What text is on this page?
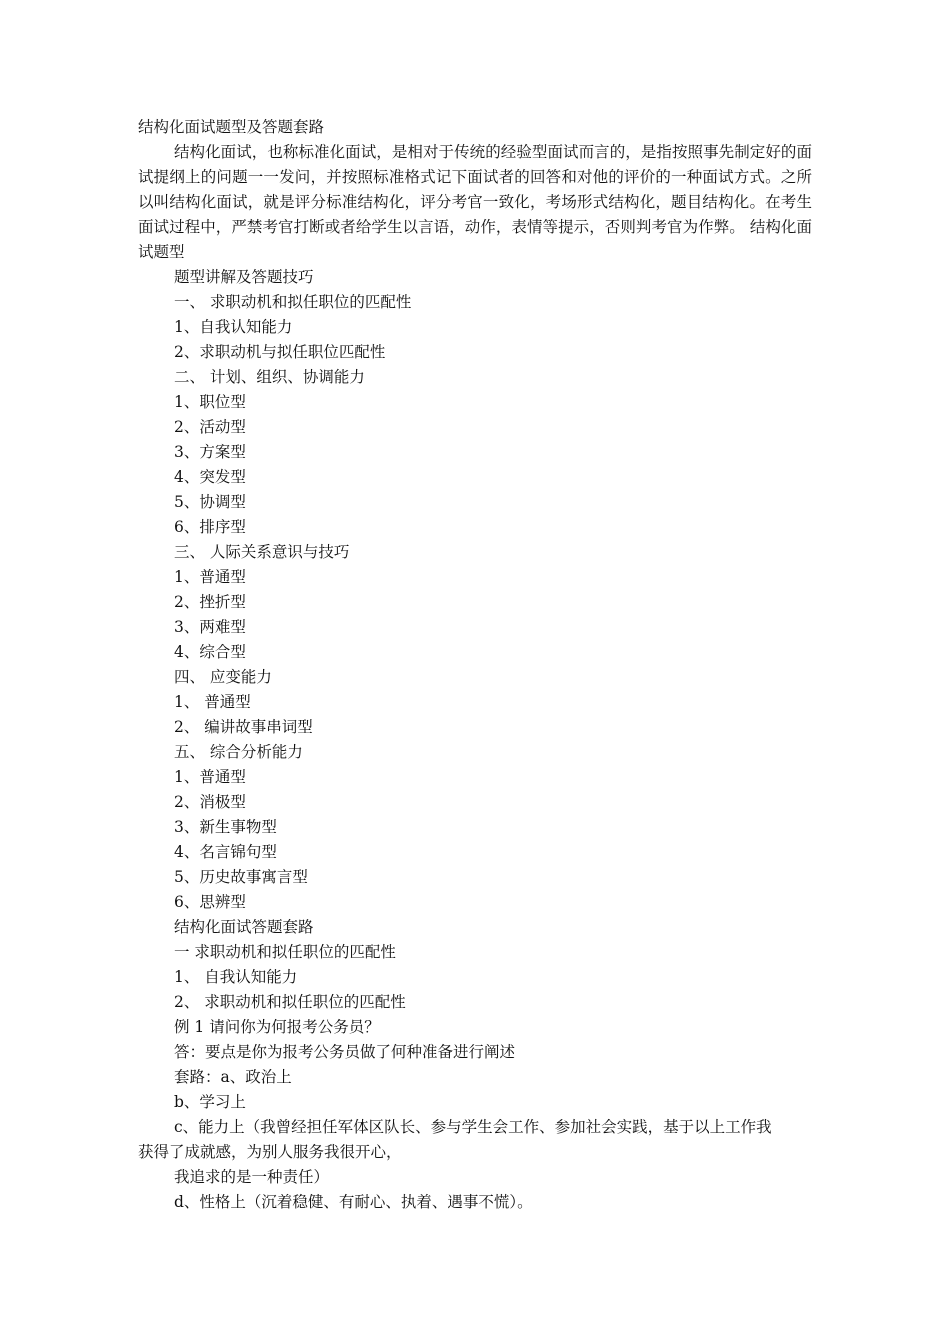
结构化面试题型及答题套路

结构化面试，也称标准化面试，是相对于传统的经验型面试而言的，是指按照事先制定好的面试提纲上的问题一一发问，并按照标准格式记下面试者的回答和对他的评价的一种面试方式。之所以叫结构化面试，就是评分标准结构化，评分考官一致化，考场形式结构化，题目结构化。在考生面试过程中，严禁考官打断或者给学生以言语，动作，表情等提示，否则判考官为作弊。 结构化面试题型

题型讲解及答题技巧
一、 求职动机和拟任职位的匹配性
1、自我认知能力
2、求职动机与拟任职位匹配性
二、 计划、组织、协调能力
1、职位型
2、活动型
3、方案型
4、突发型
5、协调型
6、排序型
三、 人际关系意识与技巧
1、普通型
2、挫折型
3、两难型
4、综合型
四、 应变能力
1、 普通型
2、 编讲故事串词型
五、 综合分析能力
1、普通型
2、消极型
3、新生事物型
4、名言锦句型
5、历史故事寓言型
6、思辨型
结构化面试答题套路
一 求职动机和拟任职位的匹配性
1、 自我认知能力
2、 求职动机和拟任职位的匹配性
例 1 请问你为何报考公务员？
答：要点是你为报考公务员做了何种准备进行阐述
套路：a、政治上
b、学习上
c、能力上（我曾经担任军体区队长、参与学生会工作、参加社会实践，基于以上工作我
获得了成就感，为别人服务我很开心，
我追求的是一种责任）
d、性格上（沉着稳健、有耐心、执着、遇事不慌）。
